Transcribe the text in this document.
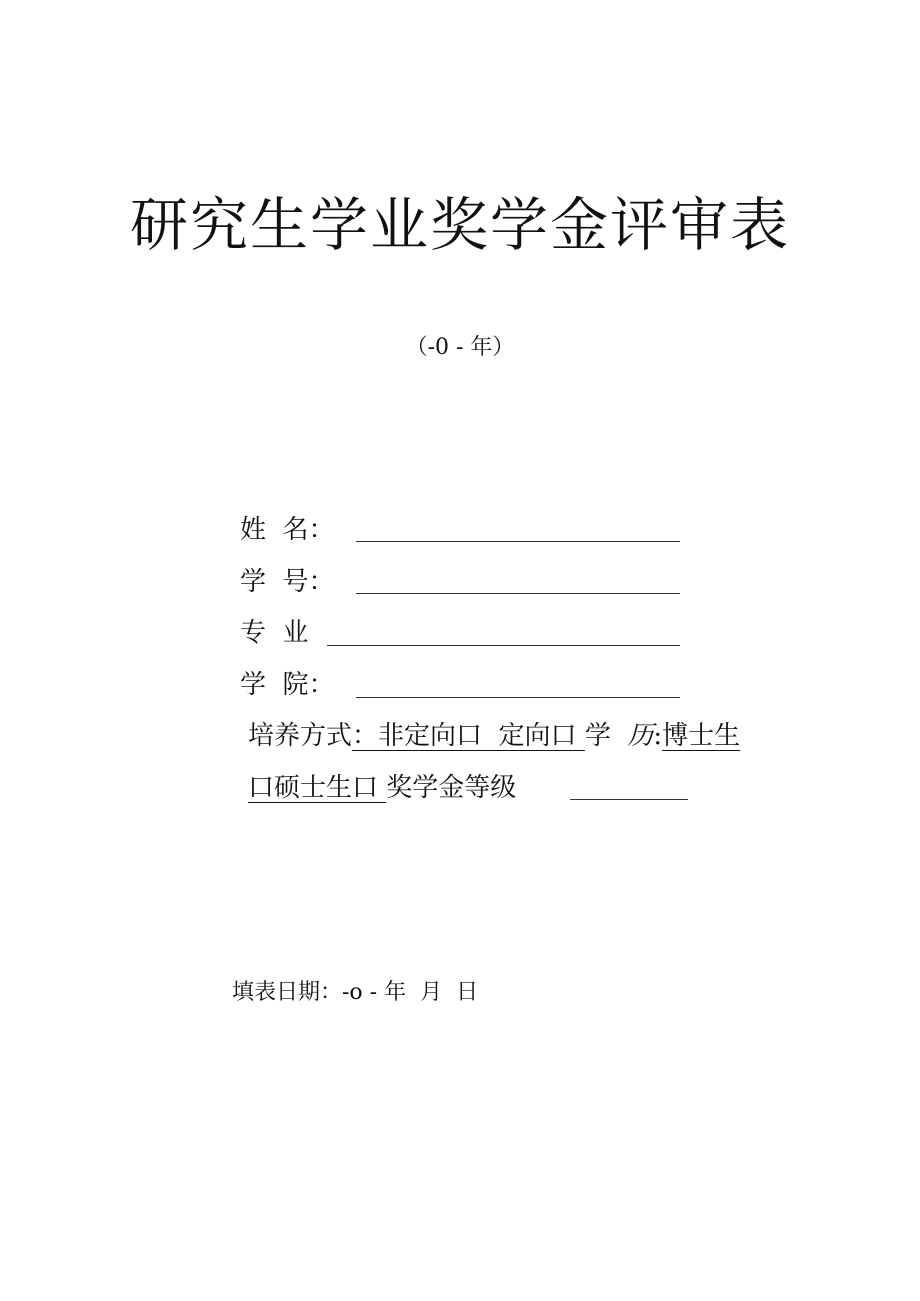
研究生学业奖学金评审表
（-0 - 年）
姓  名：
学  号：
专  业
学  院：
培养方式：非定向口  定向口 学  历:博士生
口硕士生口 奖学金等级
填表日期：-o - 年  月  日
